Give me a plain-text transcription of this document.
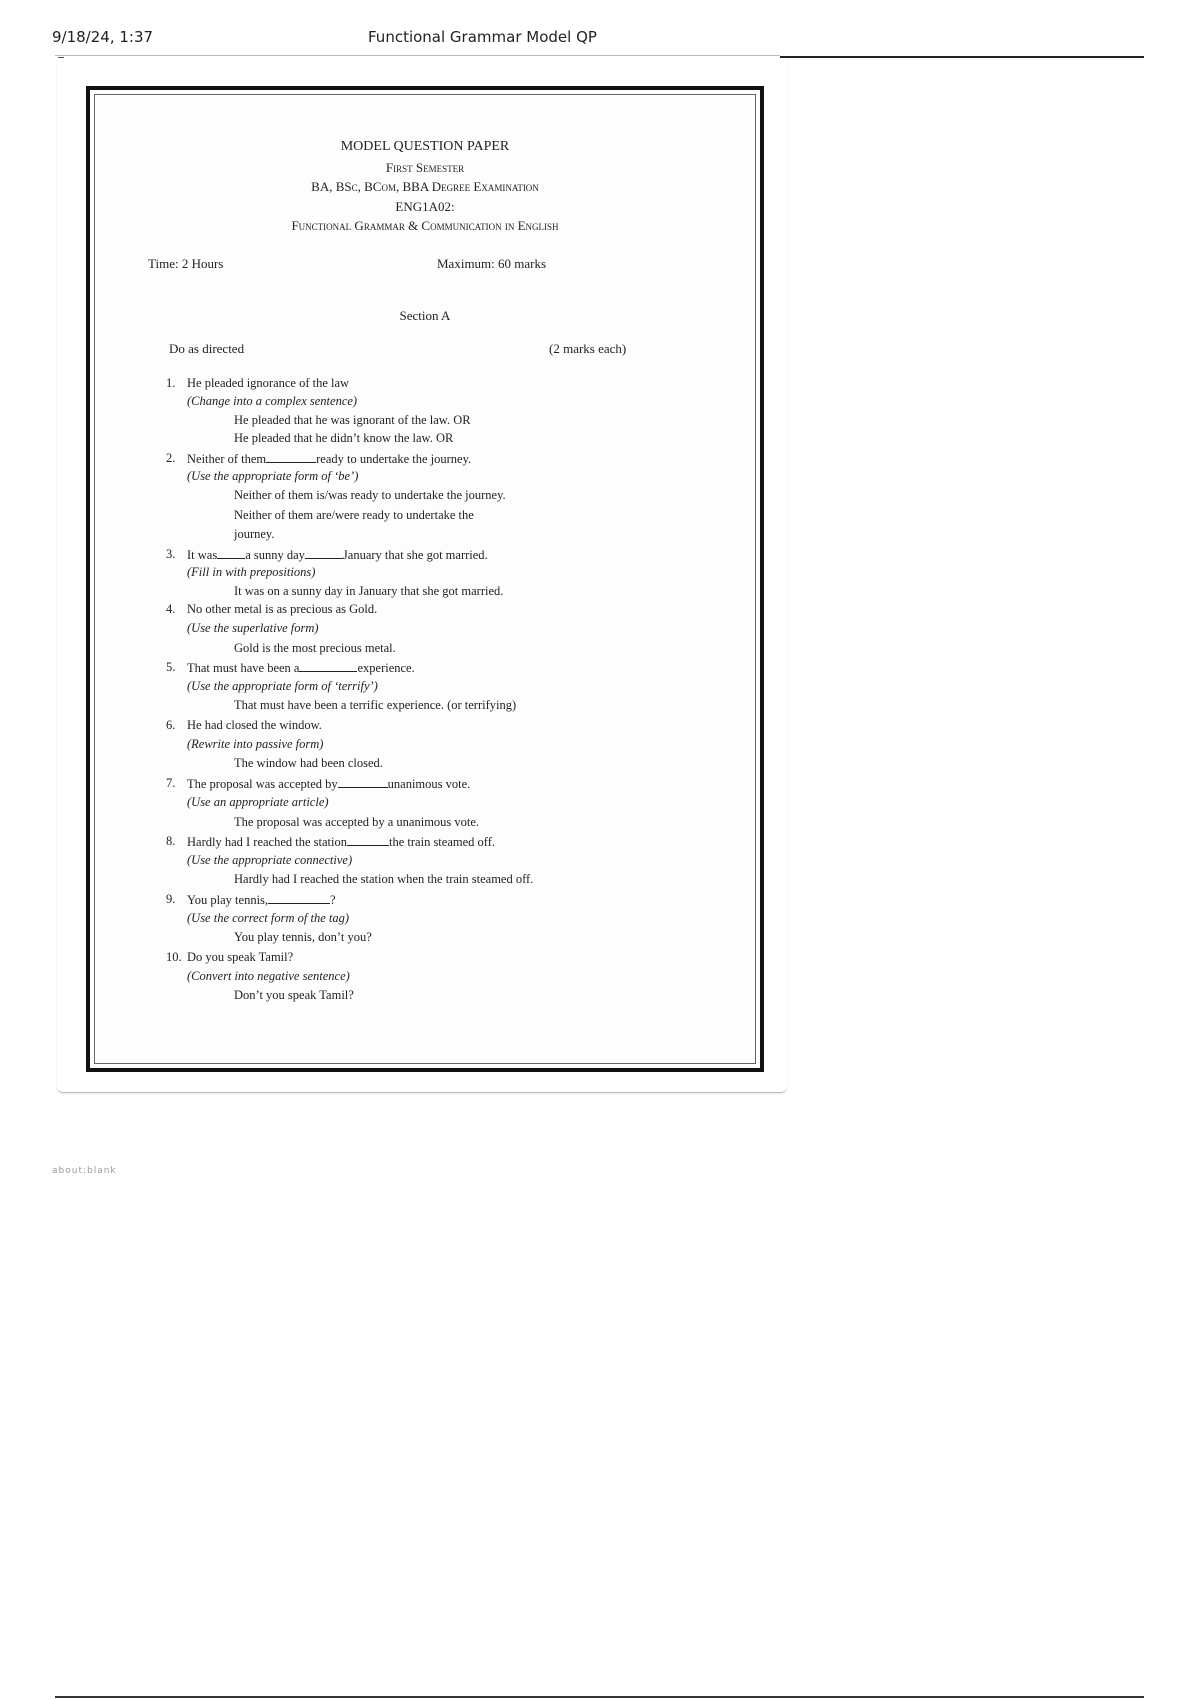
9/18/24, 1:37	Functional Grammar Model QP
MODEL QUESTION PAPER
First Semester
BA, BSc, BCom, BBA Degree Examination
ENG1A02:
Functional Grammar & Communication in English
Time: 2 Hours	Maximum: 60 marks
Section A
Do as directed	(2 marks each)
1. He pleaded ignorance of the law
(Change into a complex sentence)
He pleaded that he was ignorant of the law. OR
He pleaded that he didn’t know the law. OR
2. Neither of them	ready to undertake the journey.
(Use the appropriate form of ‘be’)
Neither of them is/was ready to undertake the journey.
Neither of them are/were ready to undertake the
journey.
3. It was a sunny day	January that she got married.
(Fill in with prepositions)
It was on a sunny day in January that she got married.
4. No other metal is as precious as Gold.
(Use the superlative form)
Gold is the most precious metal.
5. That must have been a	experience.
(Use the appropriate form of ‘terrify’)
That must have been a terrific experience. (or terrifying)
6. He had closed the window.
(Rewrite into passive form)
The window had been closed.
7. The proposal was accepted by	unanimous vote.
(Use an appropriate article)
The proposal was accepted by a unanimous vote.
8. Hardly had I reached the station	the train steamed off.
(Use the appropriate connective)
Hardly had I reached the station when the train steamed off.
9. You play tennis,	?
(Use the correct form of the tag)
You play tennis, don’t you?
10. Do you speak Tamil?
(Convert into negative sentence)
Don’t you speak Tamil?
about:blank
